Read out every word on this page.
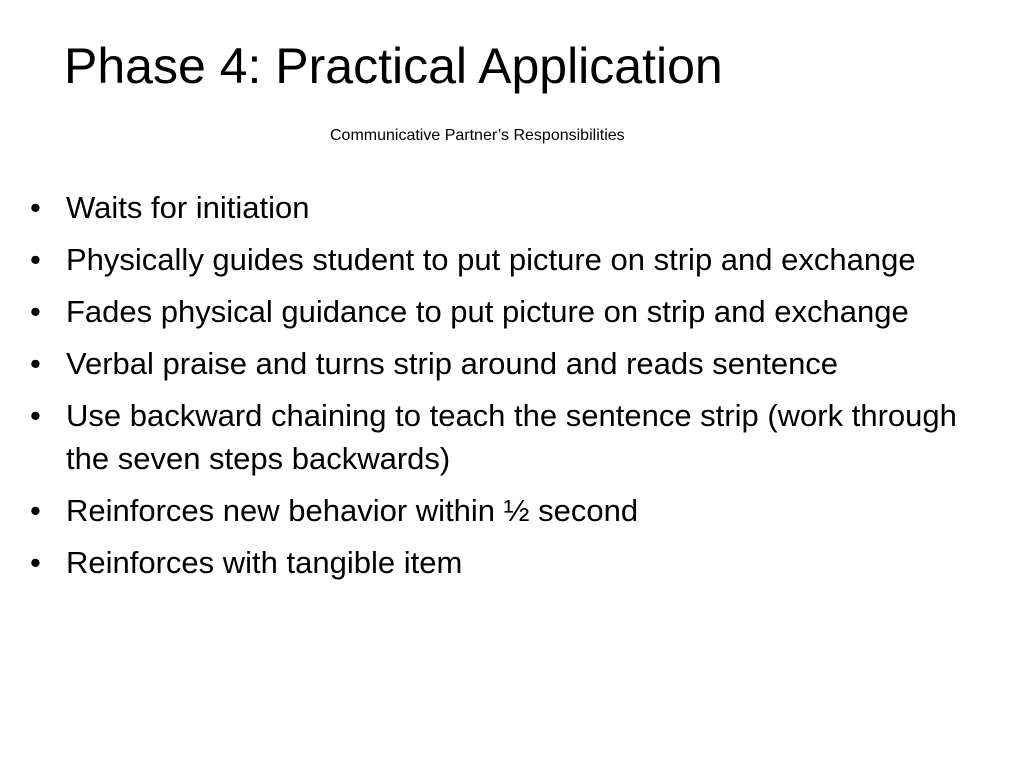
Phase 4: Practical Application
Communicative Partner’s Responsibilities
• Waits for initiation
• Physically guides student to put picture on strip and exchange
• Fades physical guidance to put picture on strip and exchange
• Verbal praise and turns strip around and reads sentence
• Use backward chaining to teach the sentence strip (work through the seven steps backwards)
• Reinforces new behavior within ½ second
• Reinforces with tangible item
